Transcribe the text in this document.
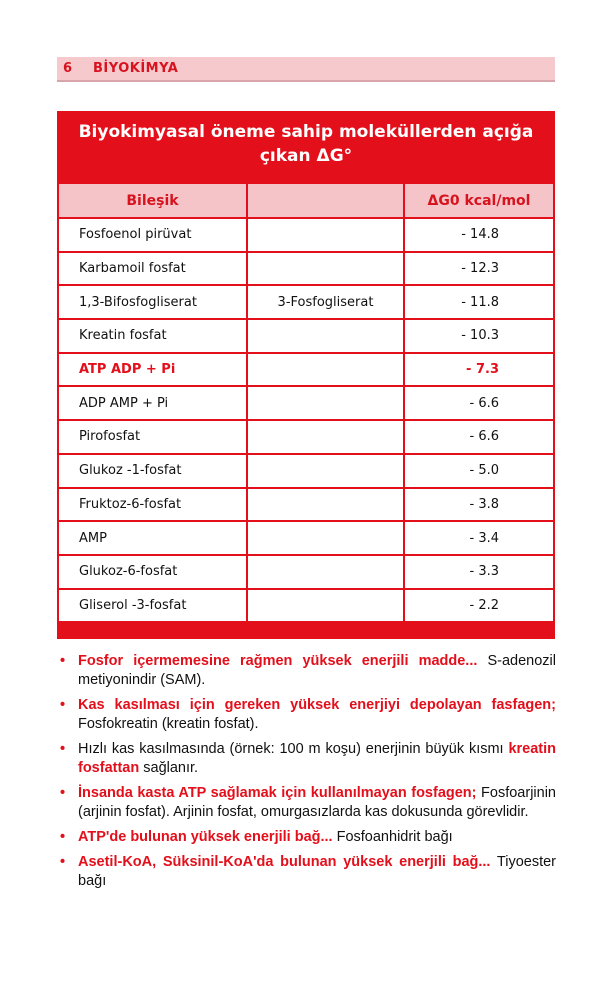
6	BİYOKİMYA
Biyokimyasal öneme sahip moleküllerden açığa
çıkan ΔG°
Bileşik	ΔG0 kcal/mol
Fosfoenol pirüvat	- 14.8
Karbamoil fosfat	- 12.3
1,3-Bifosfogliserat	3-Fosfogliserat	- 11.8
Kreatin fosfat	- 10.3
ATP ADP + Pi	- 7.3
ADP AMP + Pi	- 6.6
Pirofosfat	- 6.6
Glukoz -1-fosfat	- 5.0
Fruktoz-6-fosfat	- 3.8
AMP	- 3.4
Glukoz-6-fosfat	- 3.3
Gliserol -3-fosfat	- 2.2
• Fosfor içermemesine rağmen yüksek enerjili madde... S-adenozil metiyonindir (SAM).
• Kas kasılması için gereken yüksek enerjiyi depolayan fasfagen; Fosfokreatin (kreatin fosfat).
• Hızlı kas kasılmasında (örnek: 100 m koşu) enerjinin büyük kısmı kreatin fosfattan sağlanır.
• İnsanda kasta ATP sağlamak için kullanılmayan fosfagen; Fosfoarjinin (arjinin fosfat). Arjinin fosfat, omurgasızlarda kas dokusunda görevlidir.
• ATP'de bulunan yüksek enerjili bağ... Fosfoanhidrit bağı
• Asetil-KoA, Süksinil-KoA'da bulunan yüksek enerjili bağ... Tiyoester bağı
